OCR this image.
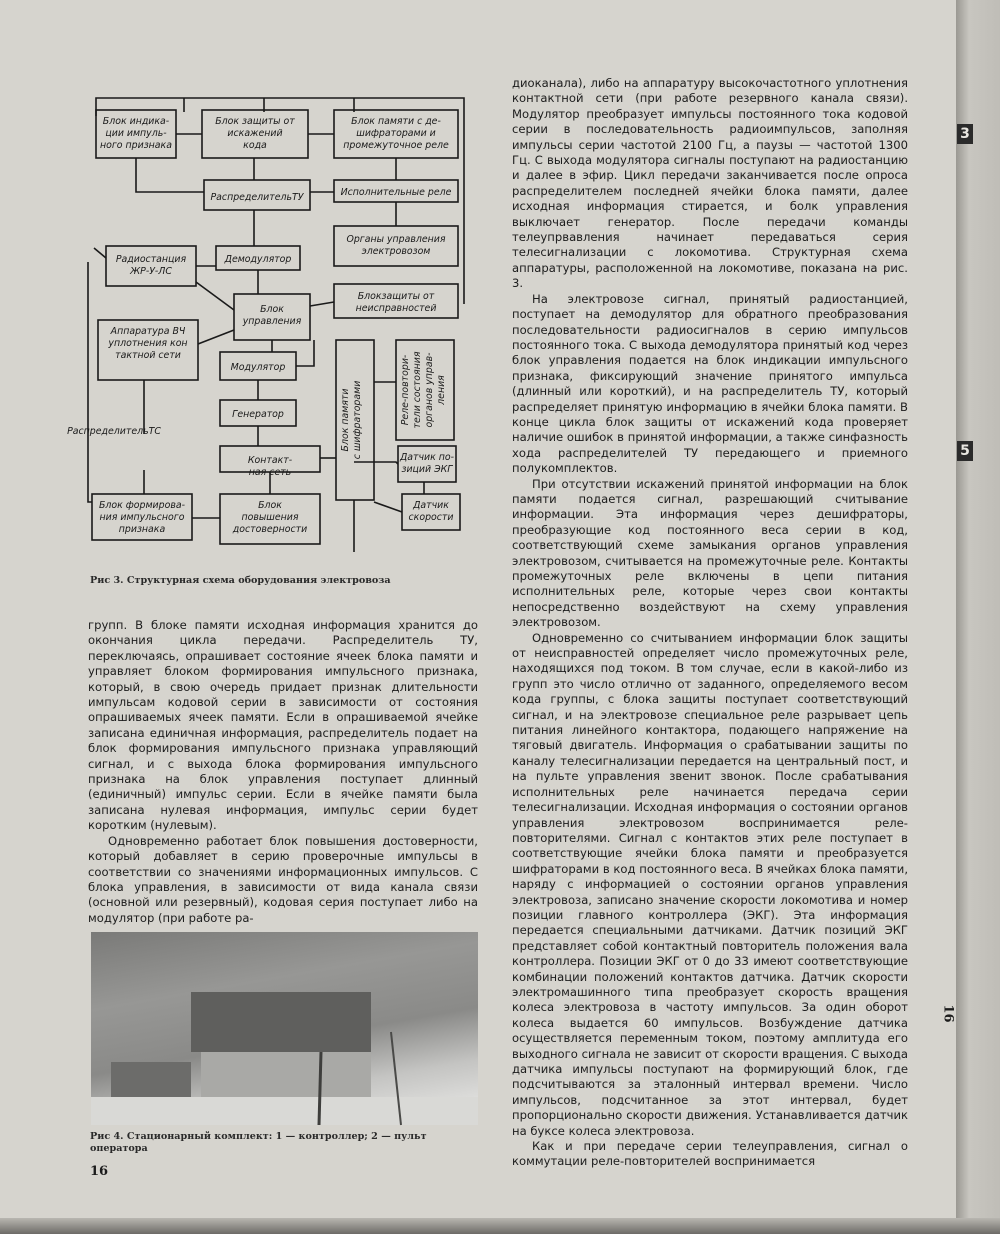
Блок индика-
ции импуль-
ного признака
Блок защиты от
искажений
кода
Блок памяти с де-
шифраторами и
промежуточное реле
РаспределительТУ	Исполнительные реле
Радиостанция
ЖР-У-ЛС
Демодулятор
Органы управления
электровозом
Блок
управления
Блокзащиты от
неисправностей
Аппаратура ВЧ
уплотнения кон
тактной сети
Модулятор
Генератор
Контакт-
ная сеть
РаспределительТС
Датчик по-
зиций ЭКГ
Блок формирова-
ния импульсного
признака
Блок
повышения
достоверности
Датчик
скорости
Блок памяти с шифраторами	Реле-повтори- тели состояния органов управ- ления
Рис 3. Структурная схема оборудования электровоза

групп. В блоке памяти исходная информация хранится до окончания цикла передачи. Распределитель ТУ, переключаясь, опрашивает состояние ячеек блока памяти и управляет блоком формирования импульсного признака, который, в свою очередь придает признак длительности импульсам кодовой серии в зависимости от состояния опрашиваемых ячеек памяти. Если в опрашиваемой ячейке записана единичная информация, распределитель подает на блок формирования импульсного признака управляющий сигнал, и с выхода блока формирования импульсного признака на блок управления поступает длинный (единичный) импульс серии. Если в ячейке памяти была записана нулевая информация, импульс серии будет коротким (нулевым).

Одновременно работает блок повышения достоверности, который добавляет в серию проверочные импульсы в соответствии со значениями информационных импульсов. С блока управления, в зависимости от вида канала связи (основной или резервный), кодовая серия поступает либо на модулятор (при работе ра-

Рис 4. Стационарный комплект: 1 — контроллер; 2 — пульт оператора
16

диоканала), либо на аппаратуру высокочастотного уплотнения контактной сети (при работе резервного канала связи). Модулятор преобразует импульсы постоянного тока кодовой серии в последовательность радиоимпульсов, заполняя импульсы серии частотой 2100 Гц, а паузы — частотой 1300 Гц. С выхода модулятора сигналы поступают на радиостанцию и далее в эфир. Цикл передачи заканчивается после опроса распределителем последней ячейки блока памяти, далее исходная информация стирается, и болк управления выключает генератор. После передачи команды телеупрвавления начинает передаваться серия телесигнализации с локомотива. Структурная схема аппаратуры, расположенной на локомотиве, показана на рис. 3.

На электровозе сигнал, принятый радиостанцией, поступает на демодулятор для обратного преобразования последовательности радиосигналов в серию импульсов постоянного тока. С выхода демодулятора принятый код через блок управления подается на блок индикации импульсного признака, фиксирующий значение принятого импульса (длинный или короткий), и на распределитель ТУ, который распределяет принятую информацию в ячейки блока памяти. В конце цикла блок защиты от искажений кода проверяет наличие ошибок в принятой информации, а также синфазность хода распределителей ТУ передающего и приемного полукомплектов.

При отсутствии искажений принятой информации на блок памяти подается сигнал, разрешающий считывание информации. Эта информация через дешифраторы, преобразующие код постоянного веса серии в код, соответствующий схеме замыкания органов управления электровозом, считывается на промежуточные реле. Контакты промежуточных реле включены в цепи питания исполнительных реле, которые через свои контакты непосредственно воздействуют на схему управления электровозом.

Одновременно со считыванием информации блок защиты от неисправностей определяет число промежуточных реле, находящихся под током. В том случае, если в какой-либо из групп это число отлично от заданного, определяемого весом кода группы, с блока защиты поступает соответствующий сигнал, и на электровозе специальное реле разрывает цепь питания линейного контактора, подающего напряжение на тяговый двигатель. Информация о срабатывании защиты по каналу телесигнализации передается на центральный пост, и на пульте управления звенит звонок. После срабатывания исполнительных реле начинается передача серии телесигнализации. Исходная информация о состоянии органов управления электровозом воспринимается реле-повторителями. Сигнал с контактов этих реле поступает в соответствующие ячейки блока памяти и преобразуется шифраторами в код постоянного веса. В ячейках блока памяти, наряду с информацией о состоянии органов управления электровоза, записано значение скорости локомотива и номер позиции главного контроллера (ЭКГ). Эта информация передается специальными датчиками. Датчик позиций ЭКГ представляет собой контактный повторитель положения вала контроллера. Позиции ЭКГ от 0 до 33 имеют соответствующие комбинации положений контактов датчика. Датчик скорости электромашинного типа преобразует скорость вращения колеса электровоза в частоту импульсов. За один оборот колеса выдается 60 импульсов. Возбуждение датчика осуществляется переменным током, поэтому амплитуда его выходного сигнала не зависит от скорости вращения. С выхода датчика импульсы поступают на формирующий блок, где подсчитываются за эталонный интервал времени. Число импульсов, подсчитанное за этот интервал, будет пропорционально скорости движения. Устанавливается датчик на буксе колеса электровоза.

Как и при передаче серии телеуправления, сигнал о коммутации реле-повторителей воспринимается

3
5
16
